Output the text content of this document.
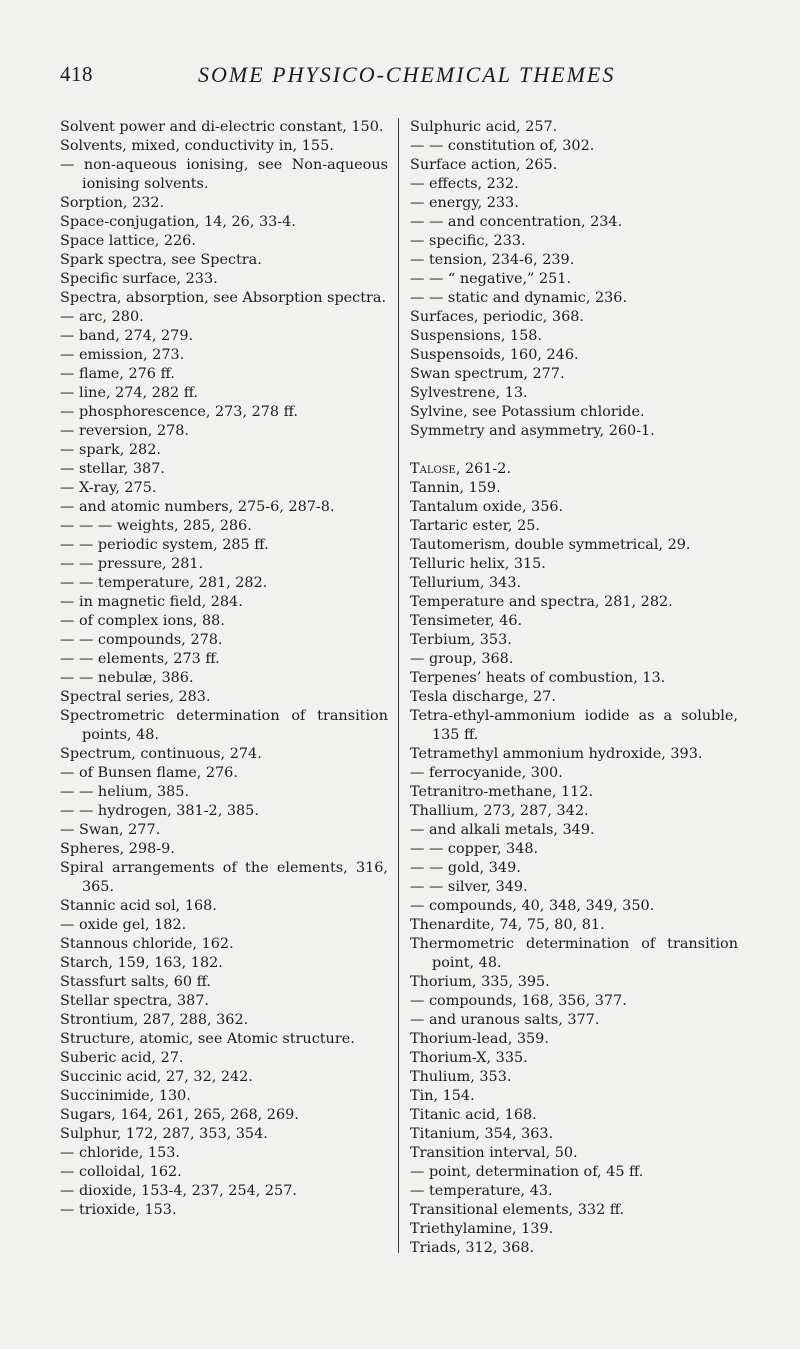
418	SOME PHYSICO-CHEMICAL THEMES
Solvent power and di-electric constant, 150.
Solvents, mixed, conductivity in, 155.
— non-aqueous ionising, see Non-aqueous ionising solvents.
Sorption, 232.
Space-conjugation, 14, 26, 33-4.
Space lattice, 226.
Spark spectra, see Spectra.
Specific surface, 233.
Spectra, absorption, see Absorption spectra.
— arc, 280.
— band, 274, 279.
— emission, 273.
— flame, 276 ff.
— line, 274, 282 ff.
— phosphorescence, 273, 278 ff.
— reversion, 278.
— spark, 282.
— stellar, 387.
— X-ray, 275.
— and atomic numbers, 275-6, 287-8.
— — — weights, 285, 286.
— — periodic system, 285 ff.
— — pressure, 281.
— — temperature, 281, 282.
— in magnetic field, 284.
— of complex ions, 88.
— — compounds, 278.
— — elements, 273 ff.
— — nebulæ, 386.
Spectral series, 283.
Spectrometric determination of transition points, 48.
Spectrum, continuous, 274.
— of Bunsen flame, 276.
— — helium, 385.
— — hydrogen, 381-2, 385.
— Swan, 277.
Spheres, 298-9.
Spiral arrangements of the elements, 316, 365.
Stannic acid sol, 168.
— oxide gel, 182.
Stannous chloride, 162.
Starch, 159, 163, 182.
Stassfurt salts, 60 ff.
Stellar spectra, 387.
Strontium, 287, 288, 362.
Structure, atomic, see Atomic structure.
Suberic acid, 27.
Succinic acid, 27, 32, 242.
Succinimide, 130.
Sugars, 164, 261, 265, 268, 269.
Sulphur, 172, 287, 353, 354.
— chloride, 153.
— colloidal, 162.
— dioxide, 153-4, 237, 254, 257.
— trioxide, 153.
Sulphuric acid, 257.
— — constitution of, 302.
Surface action, 265.
— effects, 232.
— energy, 233.
— — and concentration, 234.
— specific, 233.
— tension, 234-6, 239.
— — “ negative,” 251.
— — static and dynamic, 236.
Surfaces, periodic, 368.
Suspensions, 158.
Suspensoids, 160, 246.
Swan spectrum, 277.
Sylvestrene, 13.
Sylvine, see Potassium chloride.
Symmetry and asymmetry, 260-1.
Talose, 261-2.
Tannin, 159.
Tantalum oxide, 356.
Tartaric ester, 25.
Tautomerism, double symmetrical, 29.
Telluric helix, 315.
Tellurium, 343.
Temperature and spectra, 281, 282.
Tensimeter, 46.
Terbium, 353.
— group, 368.
Terpenes’ heats of combustion, 13.
Tesla discharge, 27.
Tetra-ethyl-ammonium iodide as a soluble, 135 ff.
Tetramethyl ammonium hydroxide, 393.
— ferrocyanide, 300.
Tetranitro-methane, 112.
Thallium, 273, 287, 342.
— and alkali metals, 349.
— — copper, 348.
— — gold, 349.
— — silver, 349.
— compounds, 40, 348, 349, 350.
Thenardite, 74, 75, 80, 81.
Thermometric determination of transition point, 48.
Thorium, 335, 395.
— compounds, 168, 356, 377.
— and uranous salts, 377.
Thorium-lead, 359.
Thorium-X, 335.
Thulium, 353.
Tin, 154.
Titanic acid, 168.
Titanium, 354, 363.
Transition interval, 50.
— point, determination of, 45 ff.
— temperature, 43.
Transitional elements, 332 ff.
Triethylamine, 139.
Triads, 312, 368.
